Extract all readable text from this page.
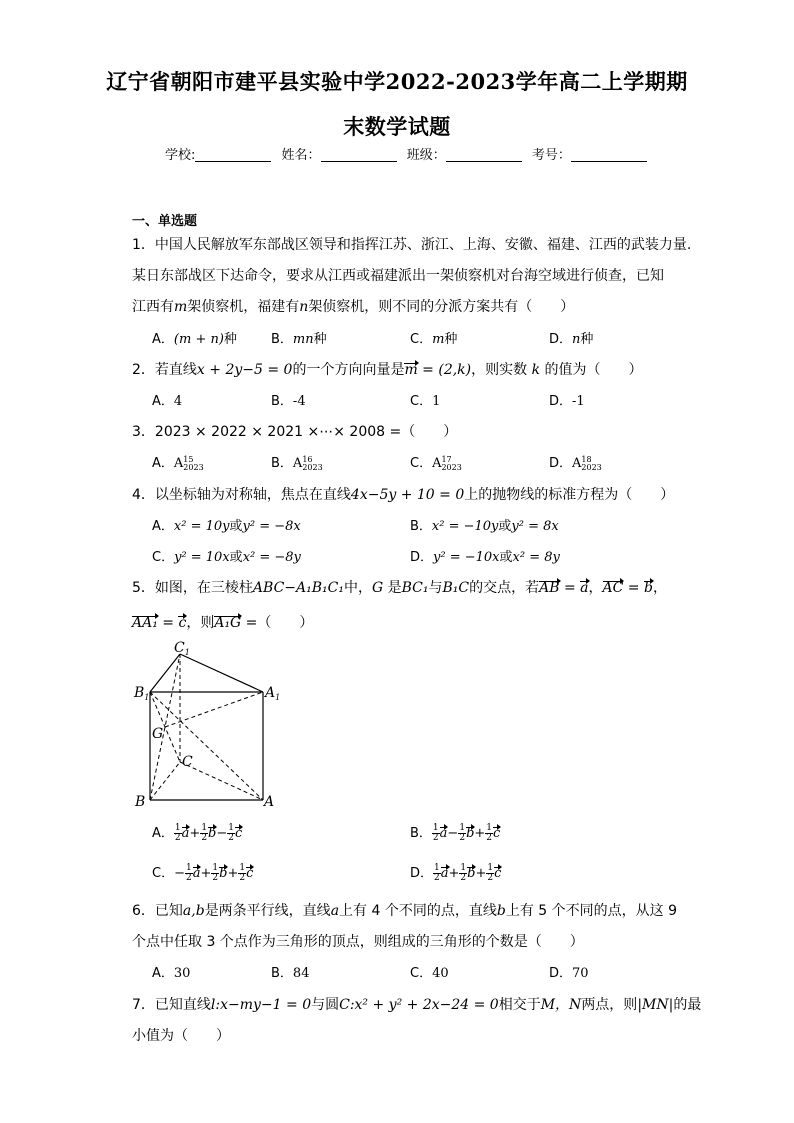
辽宁省朝阳市建平县实验中学2022-2023学年高二上学期期
末数学试题
学校:	姓名：	班级：	考号：
一、单选题
1．中国人民解放军东部战区领导和指挥江苏、浙江、上海、安徽、福建、江西的武装力量.
某日东部战区下达命令，要求从江西或福建派出一架侦察机对台海空域进行侦查，已知
江西有m架侦察机，福建有n架侦察机，则不同的分派方案共有（　　）
A．(m + n)种	B．mn种	C．m种	D．n种
2．若直线x + 2y−5 = 0的一个方向向量是m = (2,k)，则实数 k 的值为（　　）
A．4	B．-4	C．1	D．-1
3．2023 × 2022 × 2021 ×⋯× 2008 =（　　）
A．A 15
2023	B．A 16
2023	C．A 17
2023	D．A 18
2023
4．以坐标轴为对称轴，焦点在直线4x−5y + 10 = 0上的抛物线的标准方程为（　　）
A．x² = 10y或y² = −8x	B．x² = −10y或y² = 8x
C．y² = 10x或x² = −8y	D．y² = −10x或x² = 8y
5．如图，在三棱柱ABC−A₁B₁C₁中，G 是BC₁与B₁C的交点，若AB = a，AC = b，
AA₁ = c，则A₁G =（　　）
$C_1$
$B_1$	$A_1$
G
C
B	A
A． $\frac{1}{2} a+ \frac{1}{2} b- \frac{1}{2}$ c	B． $\frac{1}{2} a- \frac{1}{2} b+ \frac{1}{2}$ c
C．− $\frac{1}{2} a+ \frac{1}{2} b+ \frac{1}{2}$ c	D． $\frac{1}{2} a+ \frac{1}{2} b+ \frac{1}{2}$ c
6．已知a,b是两条平行线，直线a上有 4 个不同的点，直线b上有 5 个不同的点，从这 9
个点中任取 3 个点作为三角形的顶点，则组成的三角形的个数是（　　）
A．30	B．84	C．40	D．70
7．已知直线l:x−my−1 = 0与圆C:x² + y² + 2x−24 = 0相交于M，N两点，则|MN|的最
小值为（　　）
